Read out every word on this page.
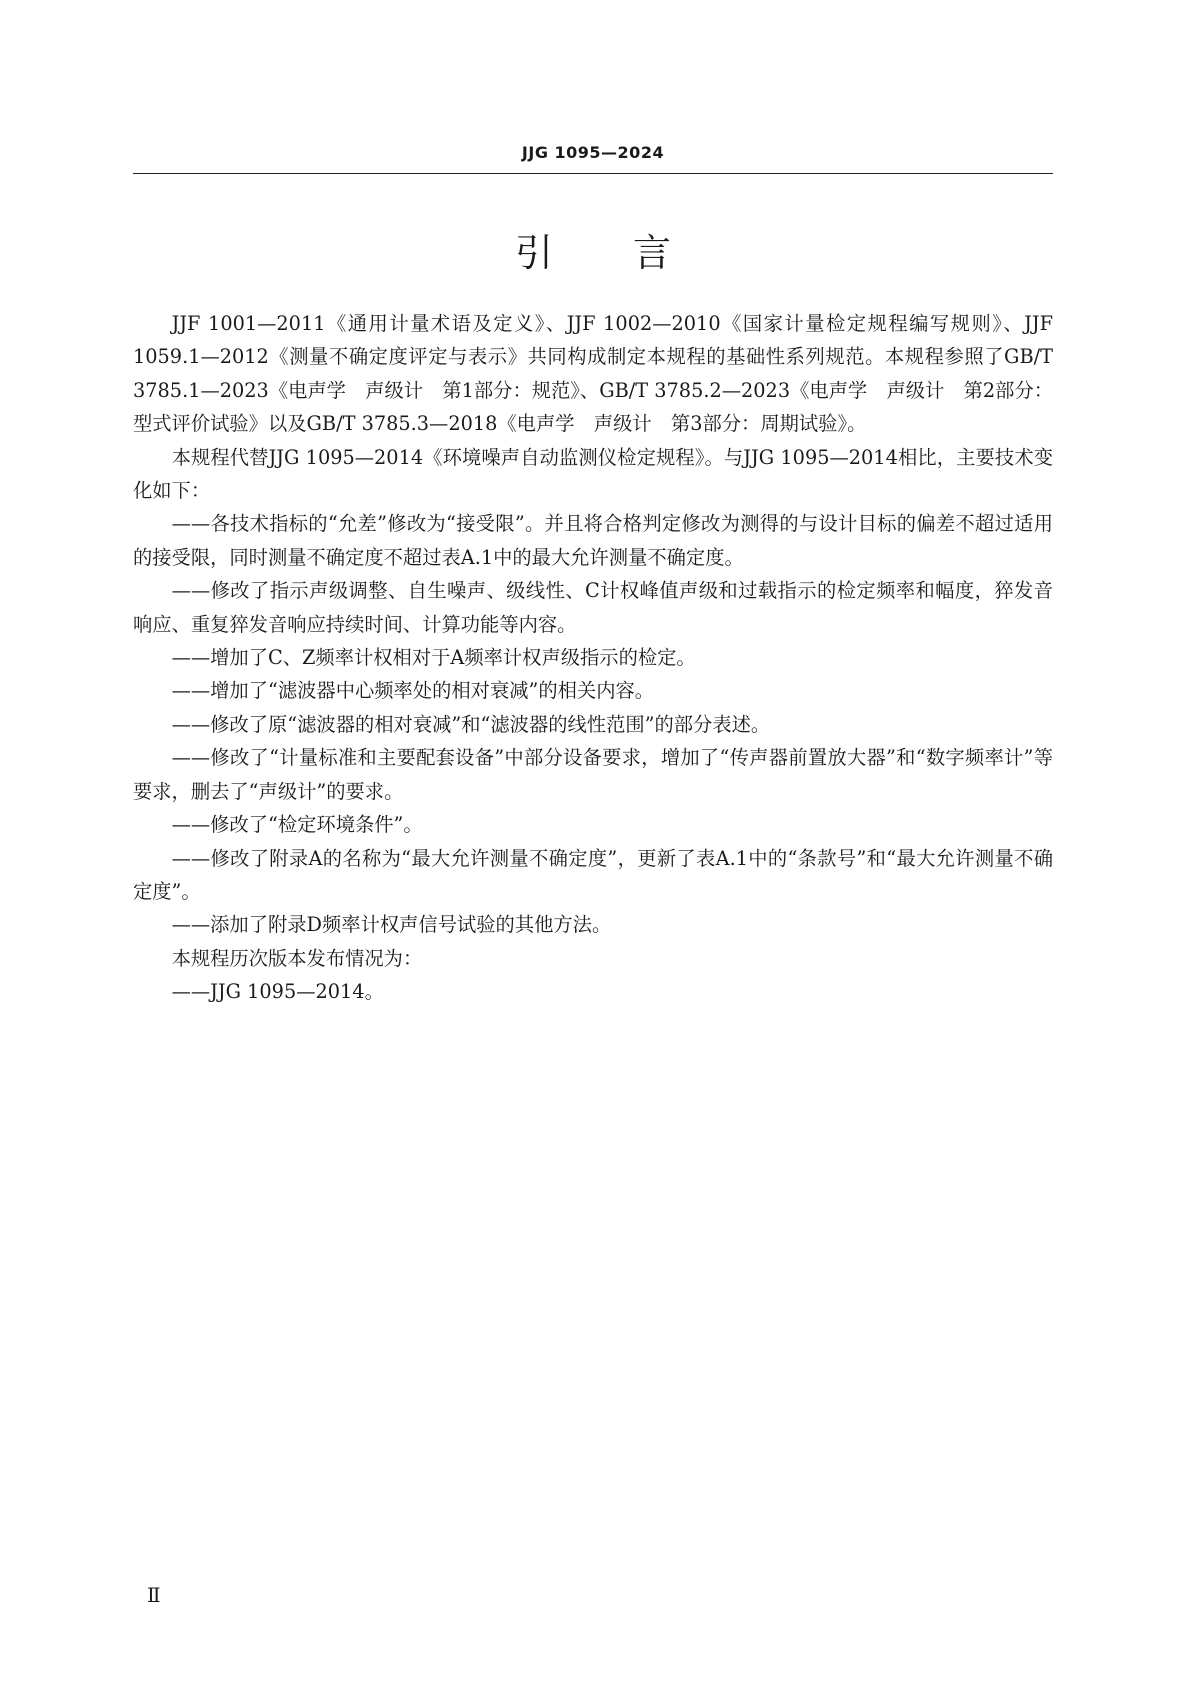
JJG 1095—2024
引言

JJF 1001—2011《通用计量术语及定义》、JJF 1002—2010《国家计量检定规程编写规则》、JJF 1059.1—2012《测量不确定度评定与表示》共同构成制定本规程的基础性系列规范。本规程参照了GB/T 3785.1—2023《电声学　声级计　第1部分：规范》、GB/T 3785.2—2023《电声学　声级计　第2部分：型式评价试验》以及GB/T 3785.3—2018《电声学　声级计　第3部分：周期试验》。

本规程代替JJG 1095—2014《环境噪声自动监测仪检定规程》。与JJG 1095—2014相比，主要技术变化如下：

——各技术指标的“允差”修改为“接受限”。并且将合格判定修改为测得的与设计目标的偏差不超过适用的接受限，同时测量不确定度不超过表A.1中的最大允许测量不确定度。

——修改了指示声级调整、自生噪声、级线性、C计权峰值声级和过载指示的检定频率和幅度，猝发音响应、重复猝发音响应持续时间、计算功能等内容。

——增加了C、Z频率计权相对于A频率计权声级指示的检定。

——增加了“滤波器中心频率处的相对衰减”的相关内容。

——修改了原“滤波器的相对衰减”和“滤波器的线性范围”的部分表述。

——修改了“计量标准和主要配套设备”中部分设备要求，增加了“传声器前置放大器”和“数字频率计”等要求，删去了“声级计”的要求。

——修改了“检定环境条件”。

——修改了附录A的名称为“最大允许测量不确定度”，更新了表A.1中的“条款号”和“最大允许测量不确定度”。

——添加了附录D频率计权声信号试验的其他方法。

本规程历次版本发布情况为：

——JJG 1095—2014。

Ⅱ
